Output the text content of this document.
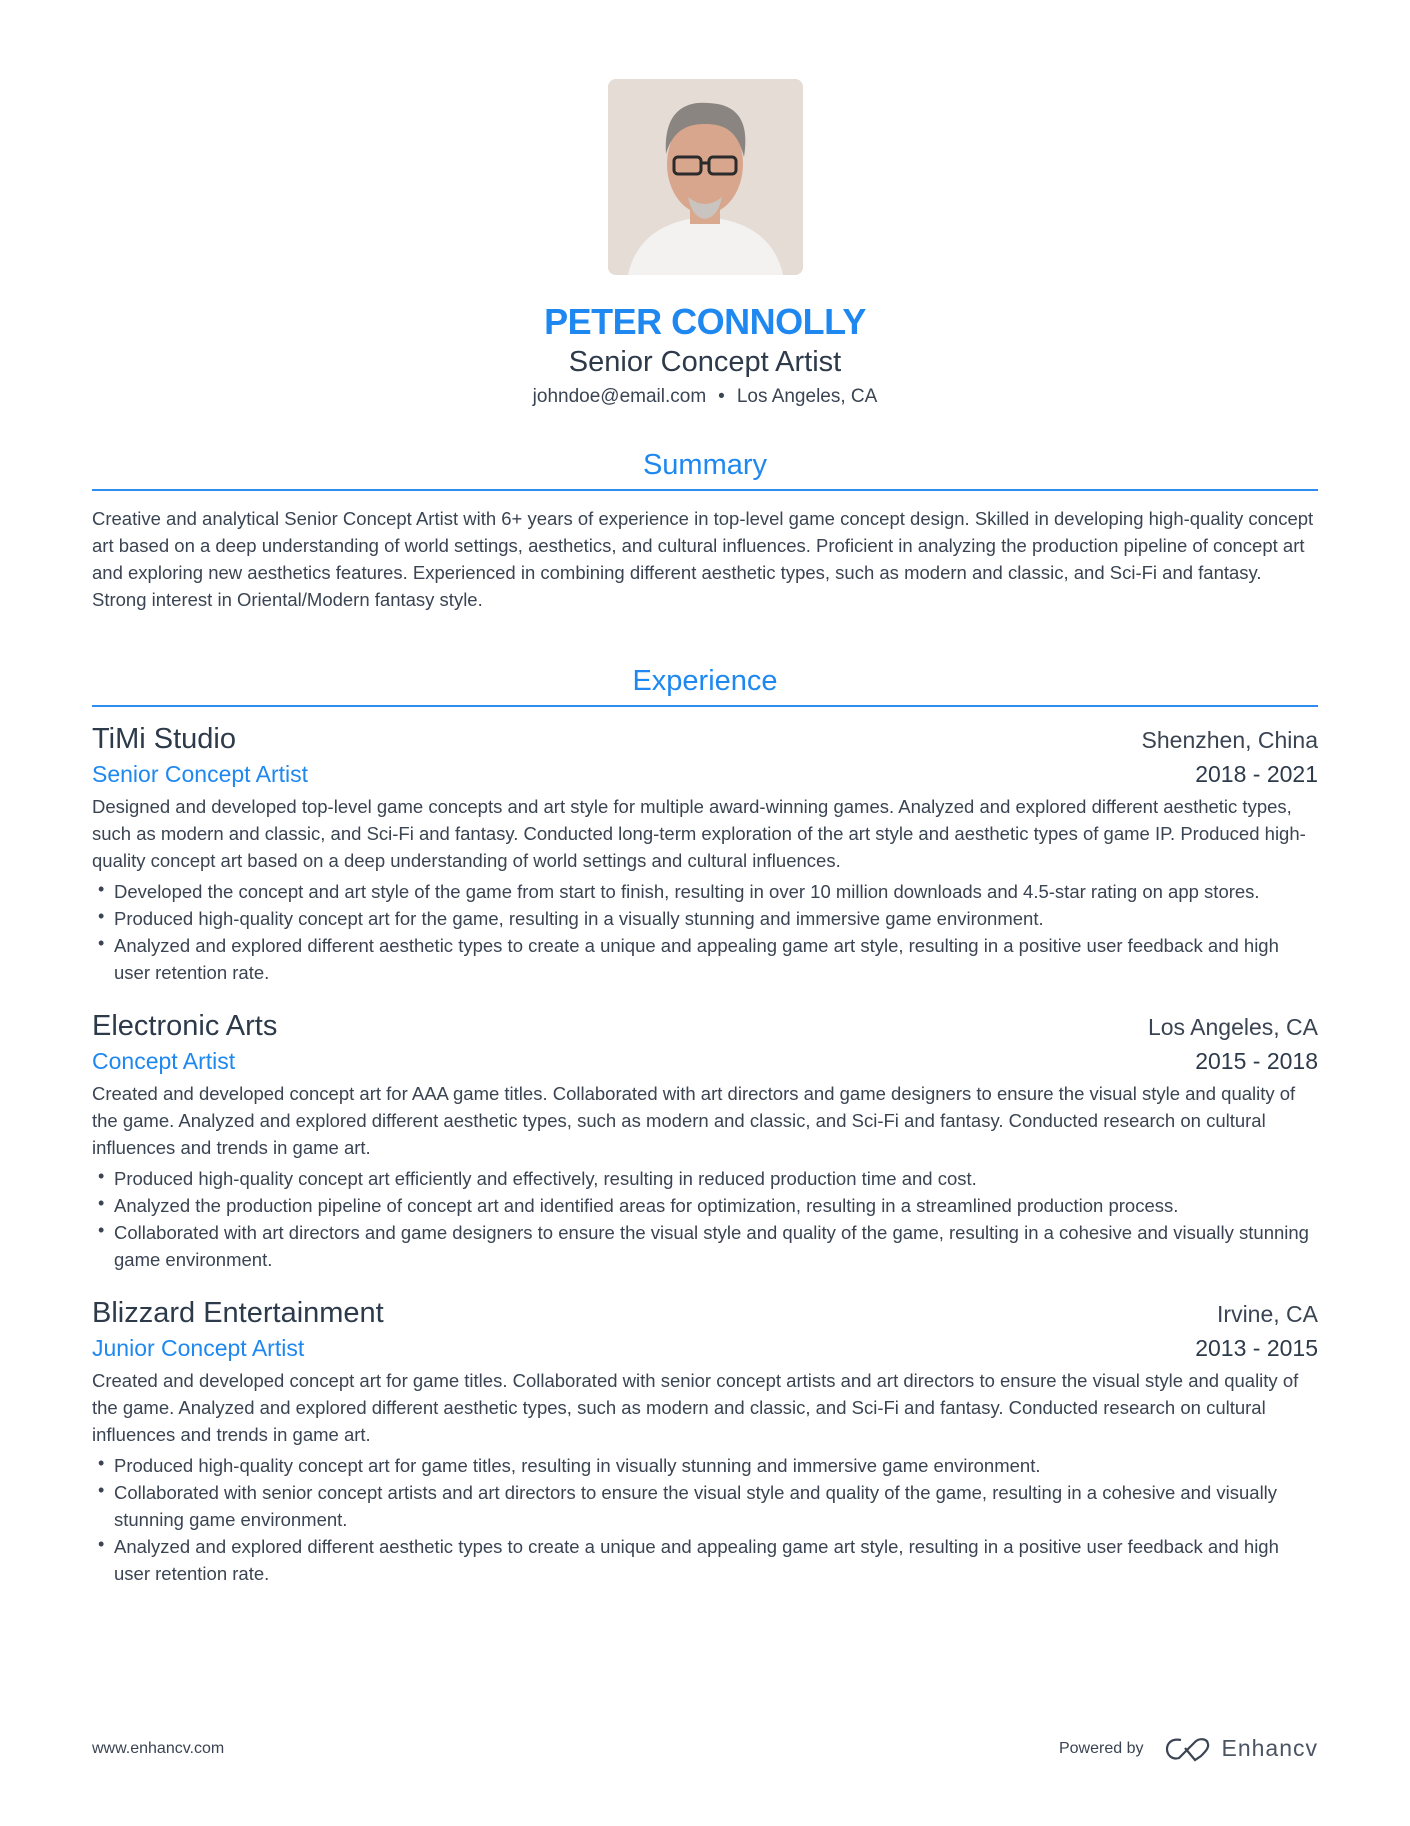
PETER CONNOLLY
Senior Concept Artist
johndoe@email.com • Los Angeles, CA
Summary

Creative and analytical Senior Concept Artist with 6+ years of experience in top-level game concept design. Skilled in developing high-quality concept art based on a deep understanding of world settings, aesthetics, and cultural influences. Proficient in analyzing the production pipeline of concept art and exploring new aesthetics features. Experienced in combining different aesthetic types, such as modern and classic, and Sci-Fi and fantasy. Strong interest in Oriental/Modern fantasy style.

Experience
TiMi Studio	Shenzhen, China
Senior Concept Artist	2018 - 2021

Designed and developed top-level game concepts and art style for multiple award-winning games. Analyzed and explored different aesthetic types, such as modern and classic, and Sci-Fi and fantasy. Conducted long-term exploration of the art style and aesthetic types of game IP. Produced high-quality concept art based on a deep understanding of world settings and cultural influences.

• Developed the concept and art style of the game from start to finish, resulting in over 10 million downloads and 4.5-star rating on app stores.
• Produced high-quality concept art for the game, resulting in a visually stunning and immersive game environment.
• Analyzed and explored different aesthetic types to create a unique and appealing game art style, resulting in a positive user feedback and high user retention rate.
Electronic Arts	Los Angeles, CA
Concept Artist	2015 - 2018

Created and developed concept art for AAA game titles. Collaborated with art directors and game designers to ensure the visual style and quality of the game. Analyzed and explored different aesthetic types, such as modern and classic, and Sci-Fi and fantasy. Conducted research on cultural influences and trends in game art.

• Produced high-quality concept art efficiently and effectively, resulting in reduced production time and cost.
• Analyzed the production pipeline of concept art and identified areas for optimization, resulting in a streamlined production process.
• Collaborated with art directors and game designers to ensure the visual style and quality of the game, resulting in a cohesive and visually stunning game environment.
Blizzard Entertainment	Irvine, CA
Junior Concept Artist	2013 - 2015

Created and developed concept art for game titles. Collaborated with senior concept artists and art directors to ensure the visual style and quality of the game. Analyzed and explored different aesthetic types, such as modern and classic, and Sci-Fi and fantasy. Conducted research on cultural influences and trends in game art.

• Produced high-quality concept art for game titles, resulting in visually stunning and immersive game environment.
• Collaborated with senior concept artists and art directors to ensure the visual style and quality of the game, resulting in a cohesive and visually stunning game environment.
• Analyzed and explored different aesthetic types to create a unique and appealing game art style, resulting in a positive user feedback and high user retention rate.
www.enhancv.com	Powered by	Enhancv
